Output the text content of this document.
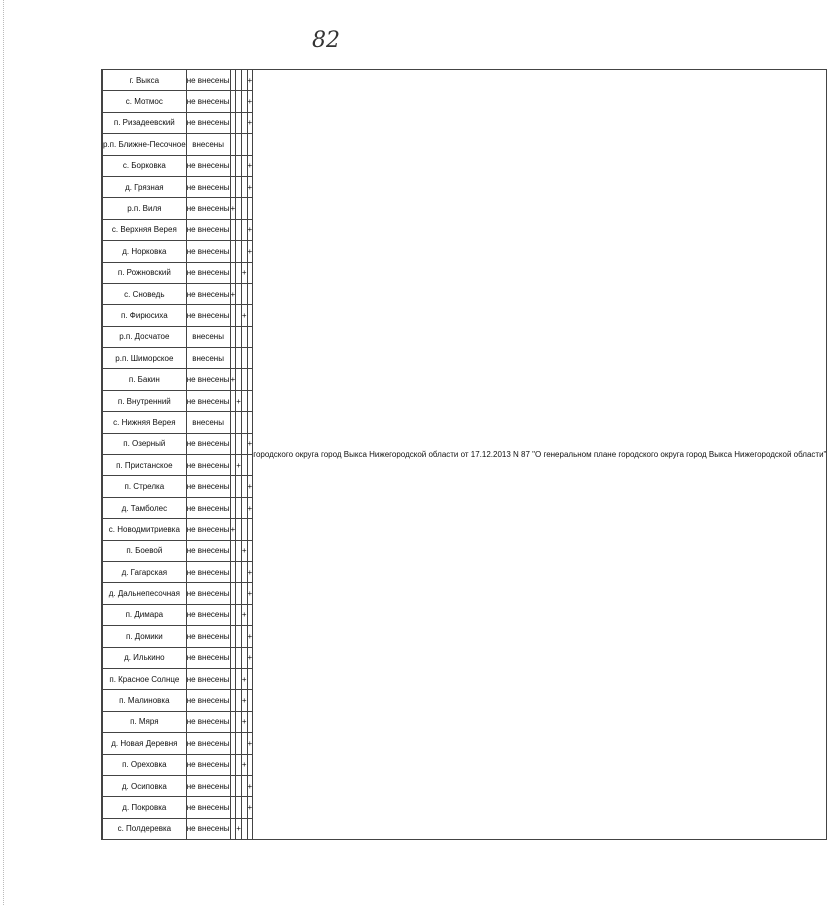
82
	г. Выкса	не внесены				+	городского округа город Выкса Нижегородской области от 17.12.2013 N 87 "О генеральном плане городского округа город Выкса Нижегородской области"
	с. Мотмос	не внесены				+	
	п. Ризадеевский	не внесены				+	
	р.п. Ближне-Песочное	внесены					
	с. Борковка	не внесены				+	
	д. Грязная	не внесены				+	
	р.п. Виля	не внесены	+				
	с. Верхняя Верея	не внесены				+	
	д. Норковка	не внесены				+	
	п. Рожновский	не внесены			+		
	с. Сноведь	не внесены	+				
	п. Фирюсиха	не внесены			+		
	р.п. Досчатое	внесены					
	р.п. Шиморское	внесены					
	п. Бакин	не внесены	+				
	п. Внутренний	не внесены		+			
	с. Нижняя Верея	внесены					
	п. Озерный	не внесены				+	
	п. Пристанское	не внесены		+			
	п. Стрелка	не внесены				+	
	д. Тамболес	не внесены				+	
	с. Новодмитриевка	не внесены	+				
	п. Боевой	не внесены			+		
	д. Гагарская	не внесены				+	
	д. Дальнепесочная	не внесены				+	
	п. Димара	не внесены			+		
	п. Домики	не внесены				+	
	д. Илькино	не внесены				+	
	п. Красное Солнце	не внесены			+		
	п. Малиновка	не внесены			+		
	п. Мяря	не внесены			+		
	д. Новая Деревня	не внесены				+	
	п. Ореховка	не внесены			+		
	д. Осиповка	не внесены				+	
	д. Покровка	не внесены				+	
	с. Полдеревка	не внесены		+			
